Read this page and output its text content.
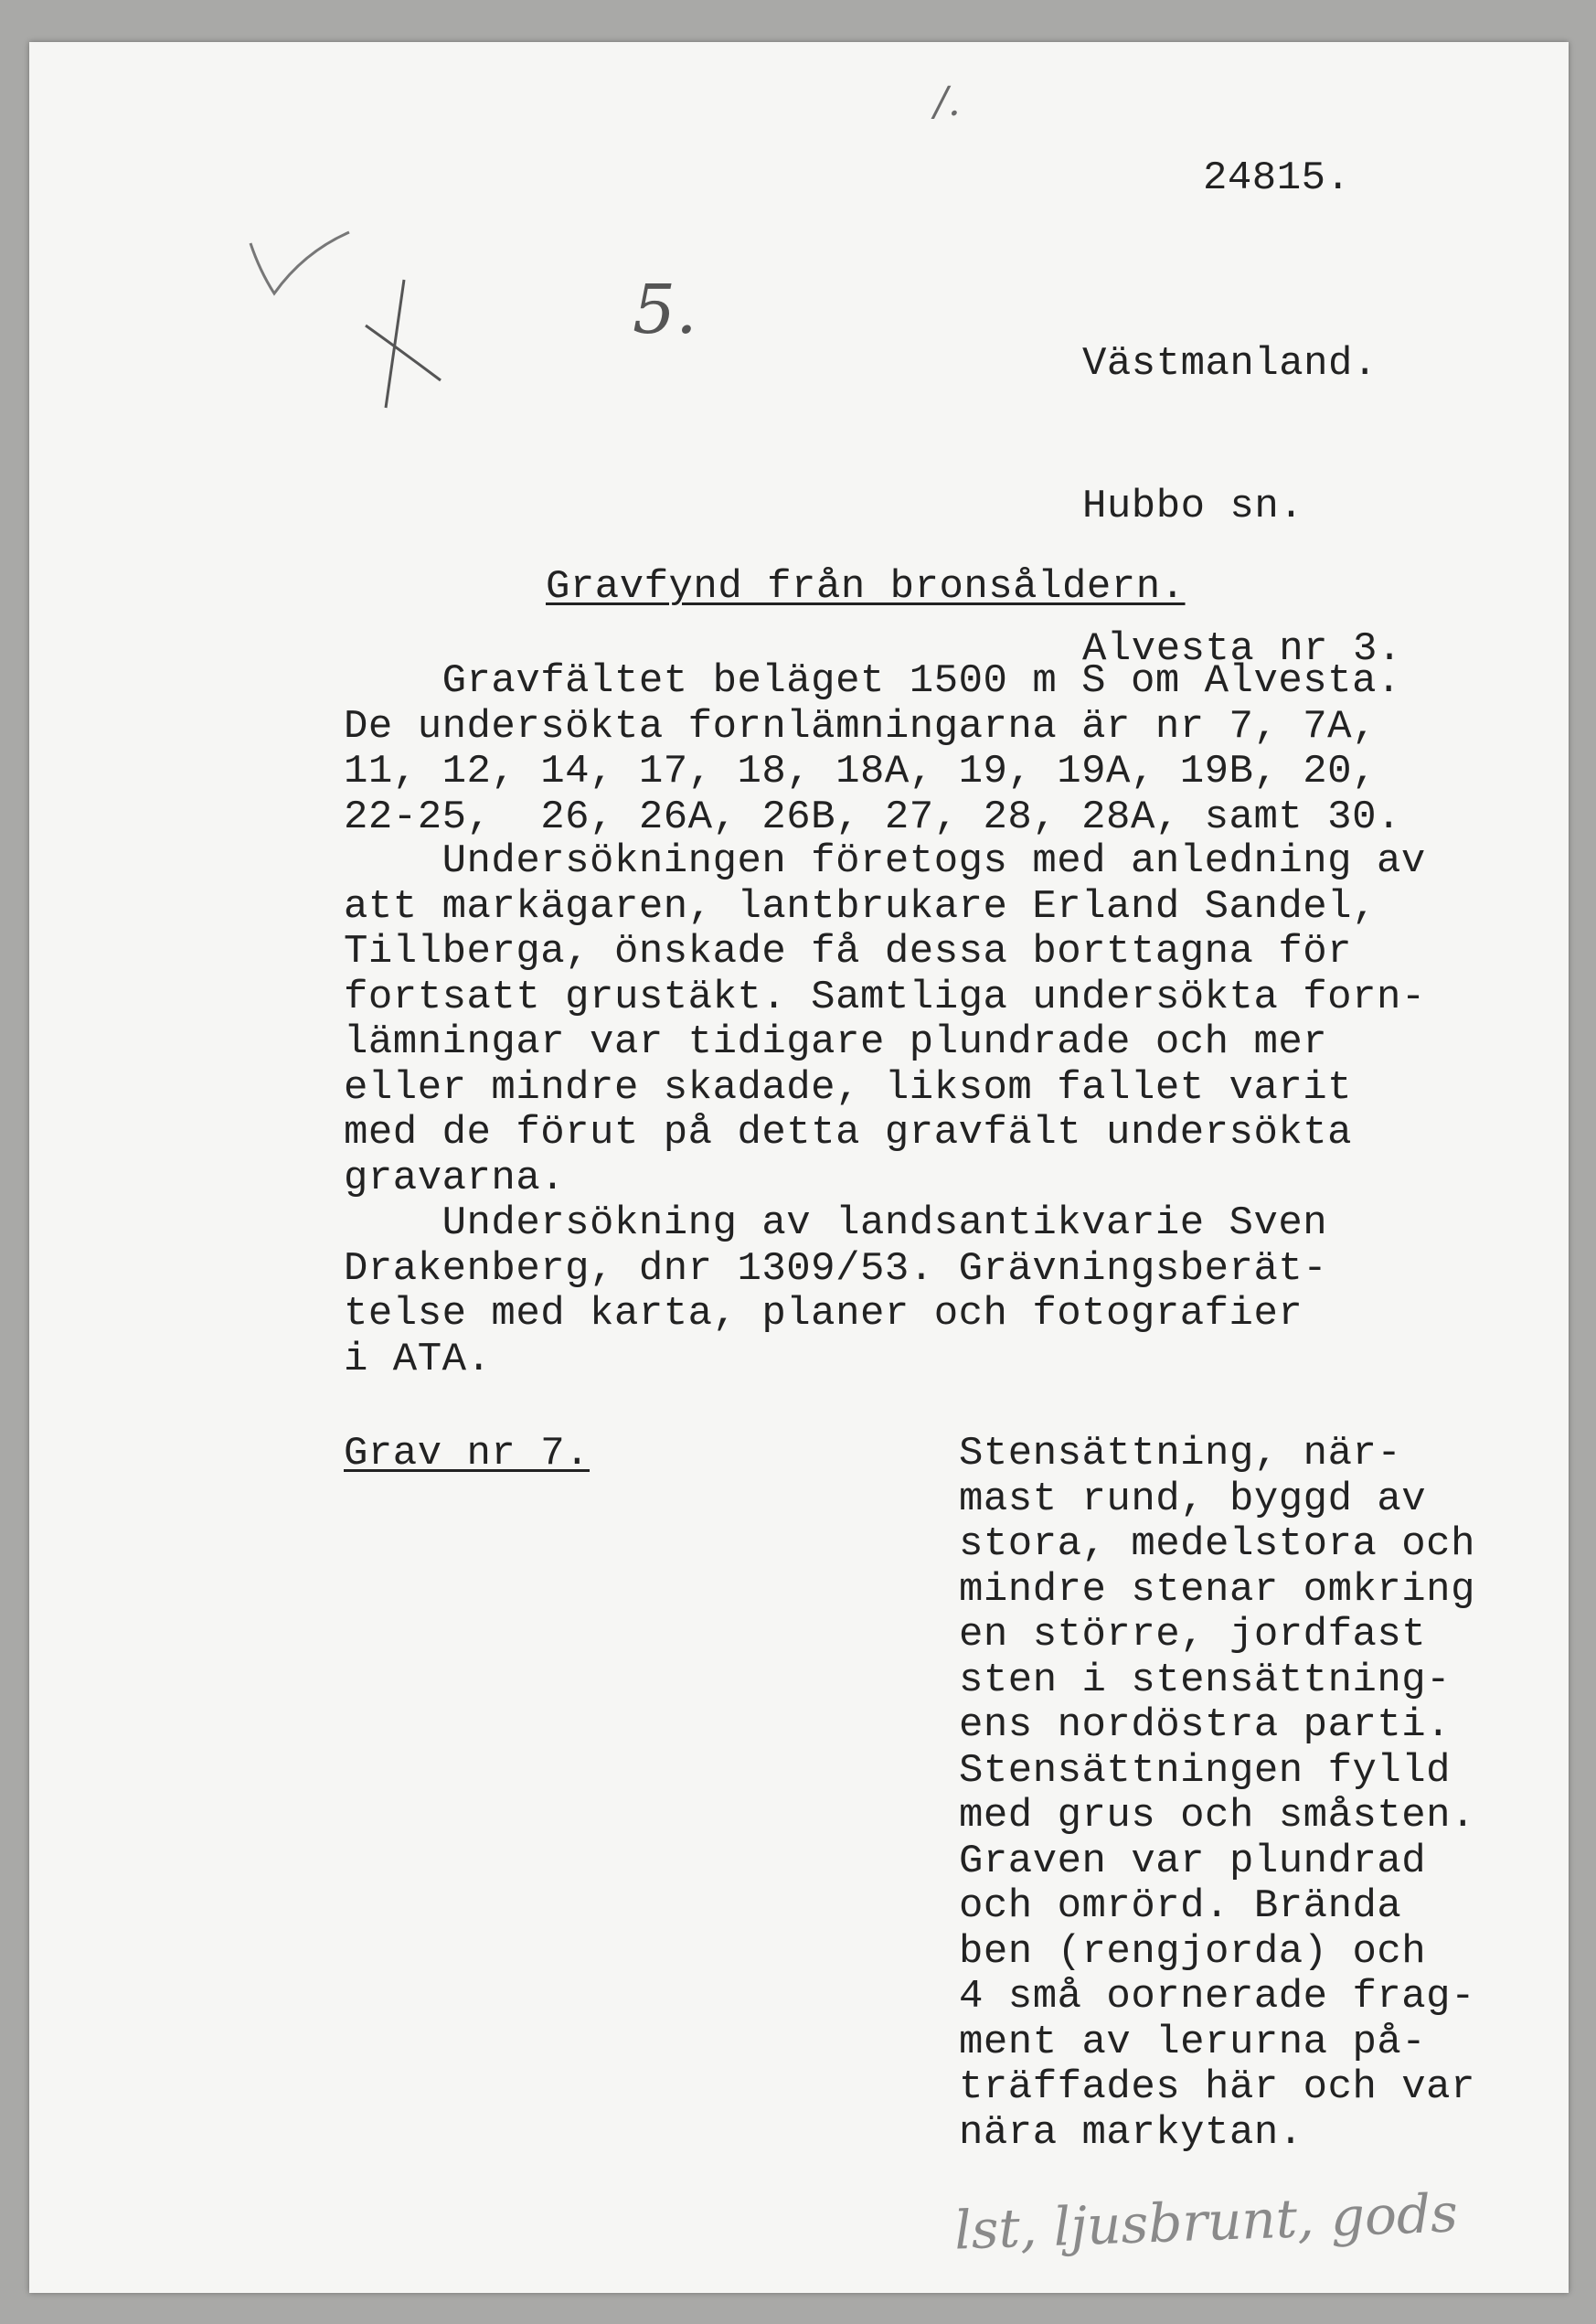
/.
5.
24815.

Västmanland.

Hubbo sn.

Alvesta nr 3.

Gravfynd från bronsåldern.
Gravfältet beläget 1500 m S om Alvesta.
De undersökta fornlämningarna är nr 7, 7A,
11, 12, 14, 17, 18, 18A, 19, 19A, 19B, 20,
22-25,  26, 26A, 26B, 27, 28, 28A, samt 30.
Undersökningen företogs med anledning av
att markägaren, lantbrukare Erland Sandel,
Tillberga, önskade få dessa borttagna för
fortsatt grustäkt. Samtliga undersökta forn-
lämningar var tidigare plundrade och mer
eller mindre skadade, liksom fallet varit
med de förut på detta gravfält undersökta
gravarna.
Undersökning av landsantikvarie Sven
Drakenberg, dnr 1309/53. Grävningsberät-
telse med karta, planer och fotografier
i ATA.
Grav nr 7.	Stensättning, när-
mast rund, byggd av
stora, medelstora och
mindre stenar omkring
en större, jordfast
sten i stensättning-
ens nordöstra parti.
Stensättningen fylld
med grus och småsten.
Graven var plundrad
och omrörd. Brända
ben (rengjorda) och
4 små oornerade frag-
ment av lerurna på-
träffades här och var
nära markytan.
lst, ljusbrunt, gods
